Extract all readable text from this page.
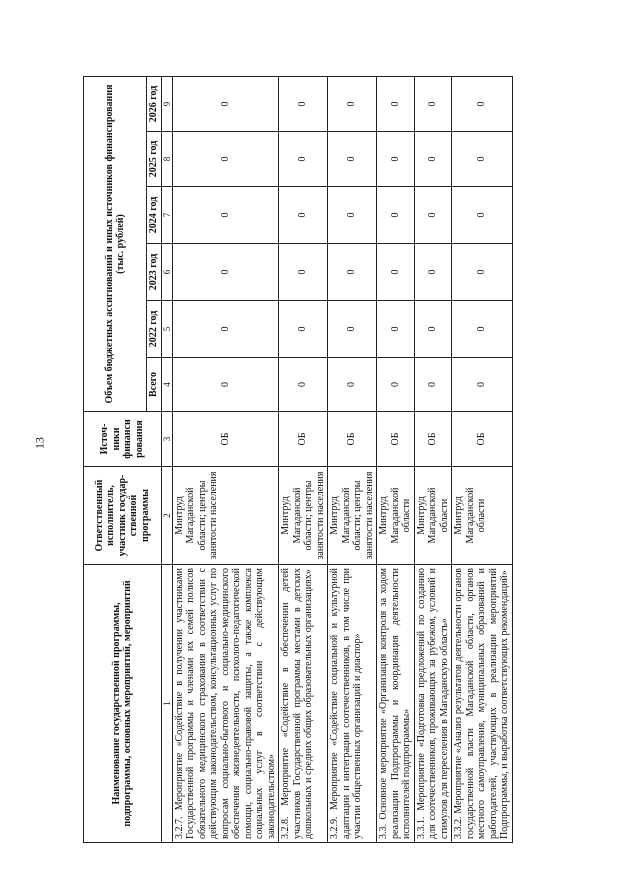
13
Наименование государственной программы, подпрограммы, основных мероприятий, мероприятий	Ответственный исполнитель, участник государ-ственной программы	Источ-ники финанси рования	Объем бюджетных ассигнований и иных источников финансирования (тыс. рублей)					
			Всего	2022 год	2023 год	2024 год	2025 год	2026 год
1	2	3	4	5	6	7	8	9
3.2.7. Мероприятие «Содействие в получении участниками Государственной программы и членами их семей полисов обязательного медицинского страхования в соответствии с действующим законодательством, консультационных услуг по вопросам социально-бытового и социально-медицинского обеспечения жизнедеятельности, психолого-педагогической помощи, социально-правовой защиты, а также комплекса социальных услуг в соответствии с действующим законодательством»	Минтруд Магаданской области; центры занятости населения	ОБ	0	0	0	0	0	0
3.2.8. Мероприятие «Содействие в обеспечении детей участников Государственной программы местами в детских дошкольных и средних общих образовательных организациях»	Минтруд Магаданской области; центры занятости населения	ОБ	0	0	0	0	0	0
3.2.9. Мероприятие «Содействие социальной и культурной адаптации и интеграции соотечественников, в том числе при участии общественных организаций и диаспор»	Минтруд Магаданской области; центры занятости населения	ОБ	0	0	0	0	0	0
3.3. Основное мероприятие «Организация контроля за ходом реализации Подпрограммы и координация деятельности исполнителей подпрограммы»	Минтруд Магаданской области	ОБ	0	0	0	0	0	0
3.3.1. Мероприятие «Подготовка предложений по созданию для соотечественников, проживающих за рубежом, условий и стимулов для переселения в Магаданскую область»	Минтруд Магаданской области	ОБ	0	0	0	0	0	0
3.3.2. Мероприятие «Анализ результатов деятельности органов государственной власти Магаданской области, органов местного самоуправления, муниципальных образований и работодателей, участвующих в реализации мероприятий Подпрограммы, и выработка соответствующих рекомендаций»	Минтруд Магаданской области	ОБ	0	0	0	0	0	0
